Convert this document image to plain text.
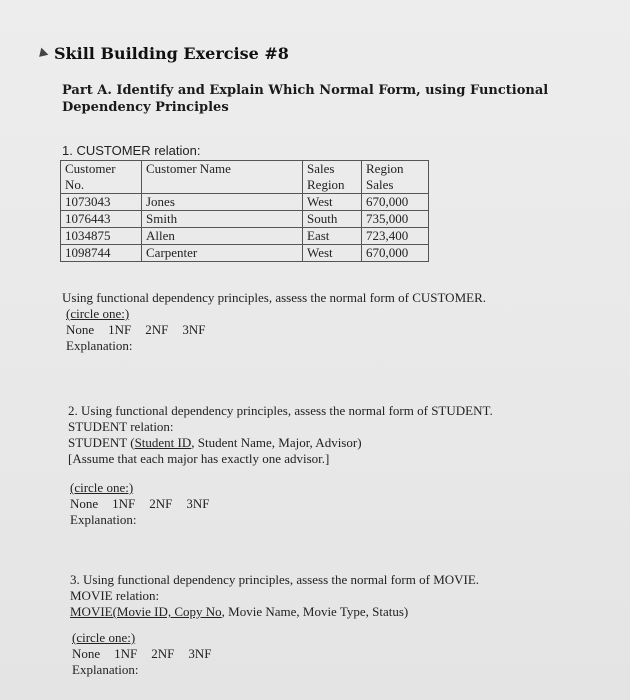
Skill Building Exercise #8
Part A. Identify and Explain Which Normal Form, using Functional Dependency Principles
1. CUSTOMER relation:
Customer No.	Customer Name	Sales Region	Region Sales
1073043	Jones	West	670,000
1076443	Smith	South	735,000
1034875	Allen	East	723,400
1098744	Carpenter	West	670,000
Using functional dependency principles, assess the normal form of CUSTOMER.
(circle one:)
None 1NF 2NF 3NF
Explanation:
2. Using functional dependency principles, assess the normal form of STUDENT.
STUDENT relation:
STUDENT (Student ID, Student Name, Major, Advisor)
[Assume that each major has exactly one advisor.]
(circle one:)
None 1NF 2NF 3NF
Explanation:
3. Using functional dependency principles, assess the normal form of MOVIE.
MOVIE relation:
MOVIE(Movie ID, Copy No, Movie Name, Movie Type, Status)
(circle one:)
None 1NF 2NF 3NF
Explanation:
